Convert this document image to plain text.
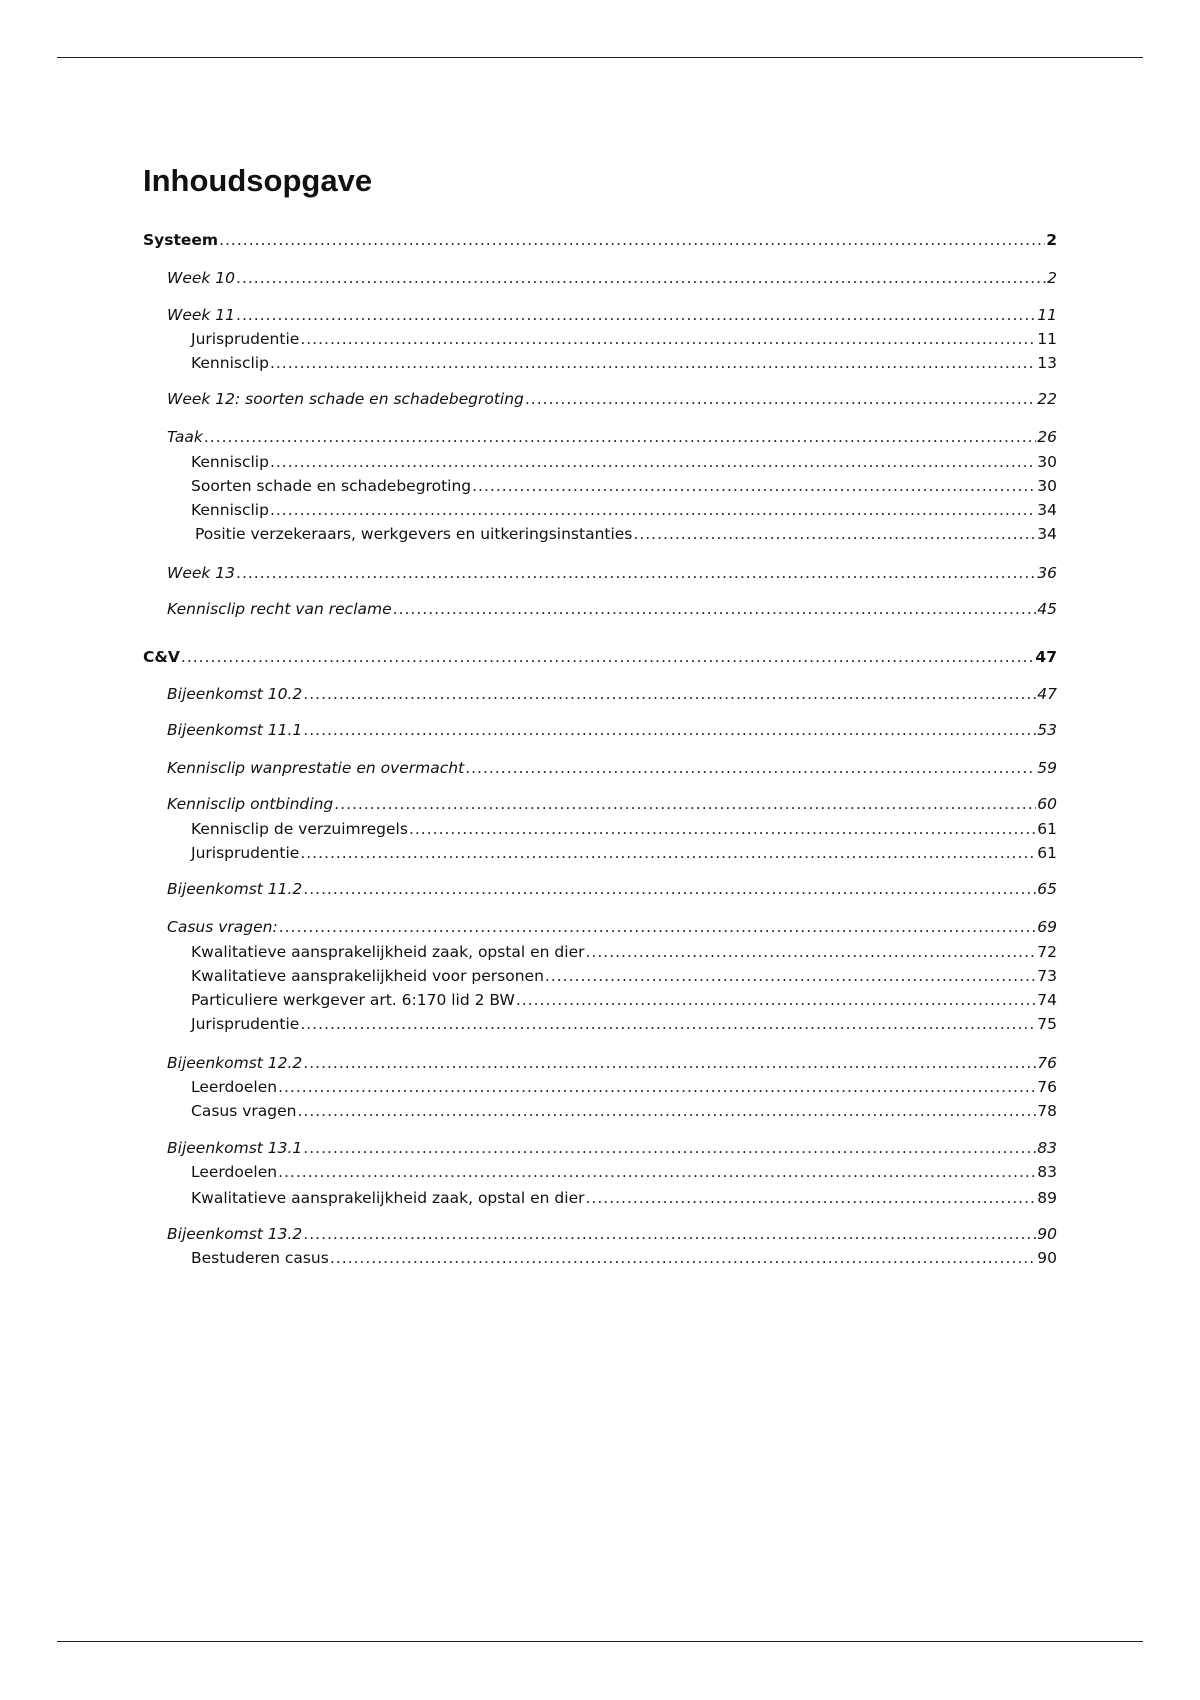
Inhoudsopgave
Systeem .....	2
Week 10 .....	2
Week 11 .....	11
Jurisprudentie .....	11
Kennisclip .....	13
Week 12: soorten schade en schadebegroting .....	22
Taak .....	26
Kennisclip .....	30
Soorten schade en schadebegroting .....	30
Kennisclip .....	34
Positie verzekeraars, werkgevers en uitkeringsinstanties .....	34
Week 13 .....	36
Kennisclip recht van reclame .....	45
C&V .....	47
Bijeenkomst 10.2 .....	47
Bijeenkomst 11.1 .....	53
Kennisclip wanprestatie en overmacht .....	59
Kennisclip ontbinding .....	60
Kennisclip de verzuimregels .....	61
Jurisprudentie .....	61
Bijeenkomst 11.2 .....	65
Casus vragen: .....	69
Kwalitatieve aansprakelijkheid zaak, opstal en dier .....	72
Kwalitatieve aansprakelijkheid voor personen .....	73
Particuliere werkgever art. 6:170 lid 2 BW .....	74
Jurisprudentie .....	75
Bijeenkomst 12.2 .....	76
Leerdoelen .....	76
Casus vragen .....	78
Bijeenkomst 13.1 .....	83
Leerdoelen .....	83
Kwalitatieve aansprakelijkheid zaak, opstal en dier .....	89
Bijeenkomst 13.2 .....	90
Bestuderen casus .....	90
